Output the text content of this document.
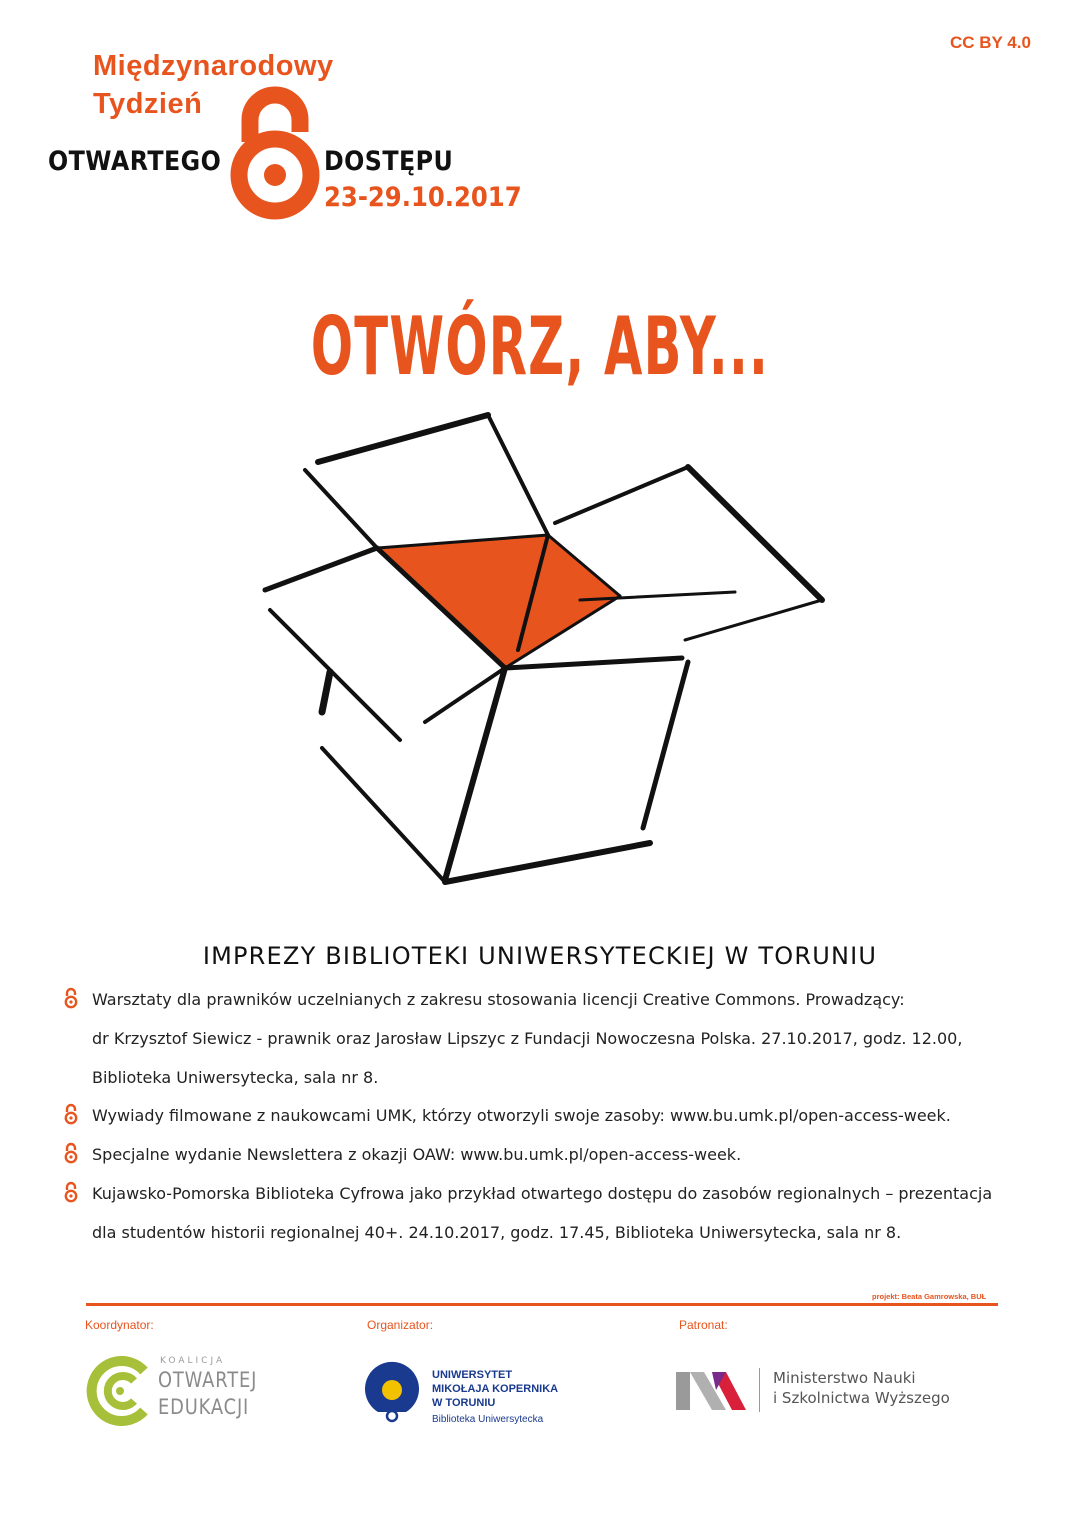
CC BY 4.0
Międzynarodowy
Tydzień
OTWARTEGO	DOSTĘPU
23-29.10.2017
OTWÓRZ, ABY...
IMPREZY BIBLIOTEKI UNIWERSYTECKIEJ W TORUNIU
Warsztaty dla prawników uczelnianych z zakresu stosowania licencji Creative Commons. Prowadzący:
dr Krzysztof Siewicz - prawnik oraz Jarosław Lipszyc z Fundacji Nowoczesna Polska. 27.10.2017, godz. 12.00,
Biblioteka Uniwersytecka, sala nr 8.
Wywiady filmowane z naukowcami UMK, którzy otworzyli swoje zasoby: www.bu.umk.pl/open-access-week.
Specjalne wydanie Newslettera z okazji OAW: www.bu.umk.pl/open-access-week.
Kujawsko-Pomorska Biblioteka Cyfrowa jako przykład otwartego dostępu do zasobów regionalnych – prezentacja
dla studentów historii regionalnej 40+. 24.10.2017, godz. 17.45, Biblioteka Uniwersytecka, sala nr 8.
projekt: Beata Gamrowska, BUŁ
Koordynator:	Organizator:	Patronat:
KOALICJA
OTWARTEJ
EDUKACJI
UNIWERSYTET
MIKOŁAJA KOPERNIKA
W TORUNIU
Biblioteka Uniwersytecka
Ministerstwo Nauki
i Szkolnictwa Wyższego
